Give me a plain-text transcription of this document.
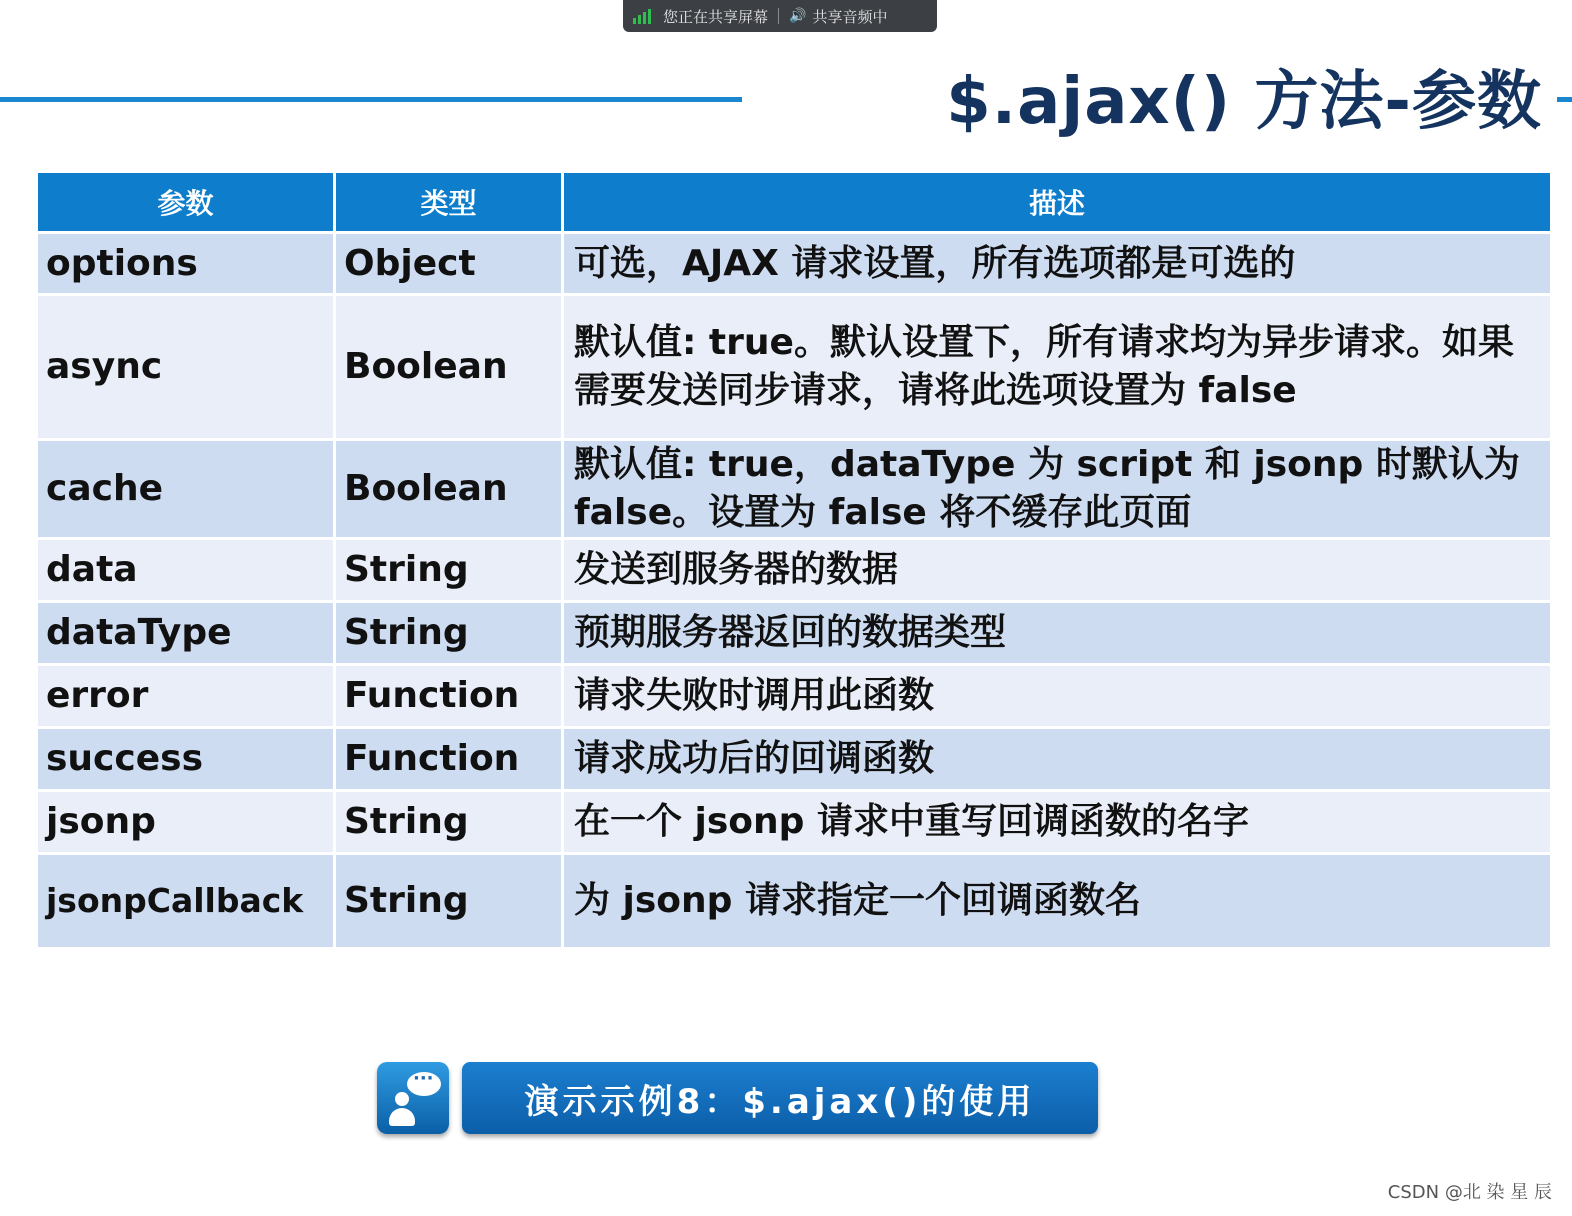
您正在共享屏幕 🔊 共享音频中
$.ajax() 方法-参数
参数	类型	描述
options	Object	可选，AJAX 请求设置，所有选项都是可选的
async	Boolean	默认值: true。默认设置下，所有请求均为异步请求。如果需要发送同步请求，请将此选项设置为 false
cache	Boolean	默认值: true，dataType 为 script 和 jsonp 时默认为 false。设置为 false 将不缓存此页面
data	String	发送到服务器的数据
dataType	String	预期服务器返回的数据类型
error	Function	请求失败时调用此函数
success	Function	请求成功后的回调函数
jsonp	String	在一个 jsonp 请求中重写回调函数的名字
jsonpCallback	String	为 jsonp 请求指定一个回调函数名
···
演示示例8：$.ajax()的使用
CSDN @北 染 星 辰
